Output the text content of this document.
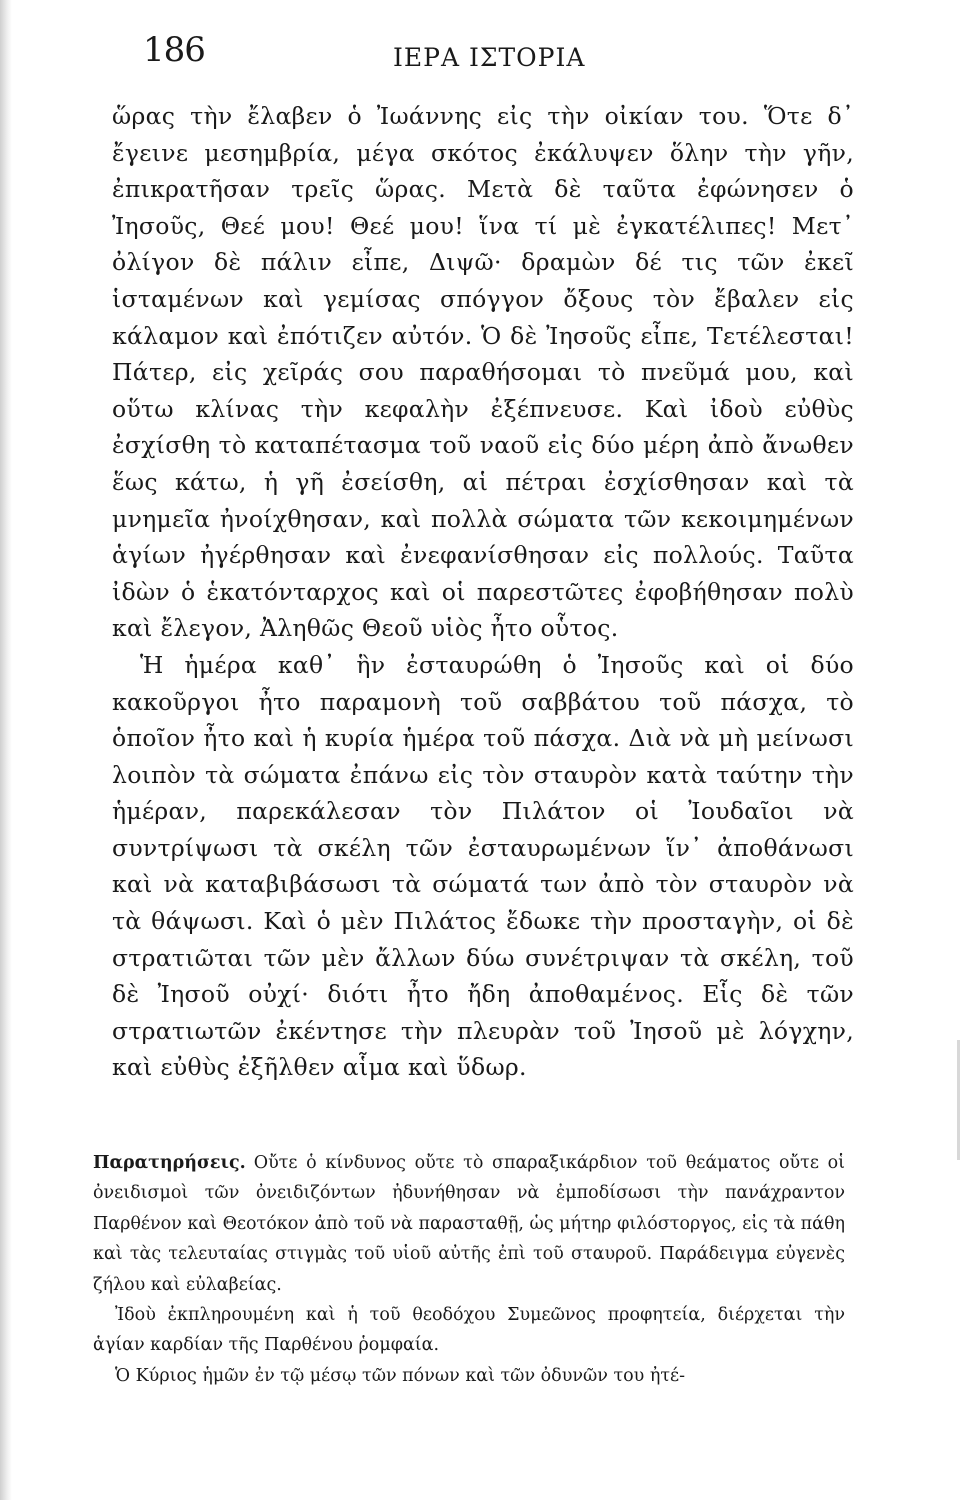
186	ΙΕΡΑ ΙΣΤΟΡΙΑ

ὥρας τὴν ἔλαβεν ὁ Ἰωάννης εἰς τὴν οἰκίαν του. Ὅτε δ᾽ ἔγεινε μεσημβρία, μέγα σκότος ἐκάλυψεν ὅλην τὴν γῆν, ἐπικρατῆσαν τρεῖς ὥρας. Μετὰ δὲ ταῦτα ἐφώνησεν ὁ Ἰησοῦς, Θεέ μου! Θεέ μου! ἵνα τί μὲ ἐγκατέλιπες! Μετ᾽ ὀλίγον δὲ πάλιν εἶπε, Διψῶ· δραμὼν δέ τις τῶν ἐκεῖ ἱσταμένων καὶ γεμίσας σπόγγον ὄξους τὸν ἔβαλεν εἰς κάλαμον καὶ ἐπότιζεν αὐτόν. Ὁ δὲ Ἰησοῦς εἶπε, Τετέλεσται! Πάτερ, εἰς χεῖράς σου παραθήσομαι τὸ πνεῦμά μου, καὶ οὕτω κλίνας τὴν κεφαλὴν ἐξέπνευσε. Καὶ ἰδοὺ εὐθὺς ἐσχίσθη τὸ καταπέτασμα τοῦ ναοῦ εἰς δύο μέρη ἀπὸ ἄνωθεν ἕως κάτω, ἡ γῆ ἐσείσθη, αἱ πέτραι ἐσχίσθησαν καὶ τὰ μνημεῖα ἠνοίχθησαν, καὶ πολλὰ σώματα τῶν κεκοιμημένων ἁγίων ἠγέρθησαν καὶ ἐνεφανίσθησαν εἰς πολλούς. Ταῦτα ἰδὼν ὁ ἑκατόνταρχος καὶ οἱ παρεστῶτες ἐφοβήθησαν πολὺ καὶ ἔλεγον, Ἀληθῶς Θεοῦ υἱὸς ἦτο οὗτος.

Ἡ ἡμέρα καθ᾽ ἣν ἐσταυρώθη ὁ Ἰησοῦς καὶ οἱ δύο κακοῦργοι ἦτο παραμονὴ τοῦ σαββάτου τοῦ πάσχα, τὸ ὁποῖον ἦτο καὶ ἡ κυρία ἡμέρα τοῦ πάσχα. Διὰ νὰ μὴ μείνωσι λοιπὸν τὰ σώματα ἐπάνω εἰς τὸν σταυρὸν κατὰ ταύτην τὴν ἡμέραν, παρεκάλεσαν τὸν Πιλάτον οἱ Ἰουδαῖοι νὰ συντρίψωσι τὰ σκέλη τῶν ἐσταυρωμένων ἵν᾽ ἀποθάνωσι καὶ νὰ καταβιβάσωσι τὰ σώματά των ἀπὸ τὸν σταυρὸν νὰ τὰ θάψωσι. Καὶ ὁ μὲν Πιλάτος ἔδωκε τὴν προσταγὴν, οἱ δὲ στρατιῶται τῶν μὲν ἄλλων δύω συνέτριψαν τὰ σκέλη, τοῦ δὲ Ἰησοῦ οὐχί· διότι ἦτο ἤδη ἀποθαμένος. Εἷς δὲ τῶν στρατιωτῶν ἐκέντησε τὴν πλευρὰν τοῦ Ἰησοῦ μὲ λόγχην, καὶ εὐθὺς ἐξῆλθεν αἷμα καὶ ὕδωρ.

Παρατηρήσεις. Οὔτε ὁ κίνδυνος οὔτε τὸ σπαραξικάρδιον τοῦ θεάματος οὔτε οἱ ὀνειδισμοὶ τῶν ὀνειδιζόντων ἠδυνήθησαν νὰ ἐμποδίσωσι τὴν πανάχραντον Παρθένον καὶ Θεοτόκον ἀπὸ τοῦ νὰ παρασταθῇ, ὡς μήτηρ φιλόστοργος, εἰς τὰ πάθη καὶ τὰς τελευταίας στιγμὰς τοῦ υἱοῦ αὐτῆς ἐπὶ τοῦ σταυροῦ. Παράδειγμα εὐγενὲς ζήλου καὶ εὐλαβείας.

Ἰδοὺ ἐκπληρουμένη καὶ ἡ τοῦ θεοδόχου Συμεῶνος προφητεία, διέρχεται τὴν ἁγίαν καρδίαν τῆς Παρθένου ῥομφαία.

Ὁ Κύριος ἡμῶν ἐν τῷ μέσῳ τῶν πόνων καὶ τῶν ὀδυνῶν του ἠτέ-
